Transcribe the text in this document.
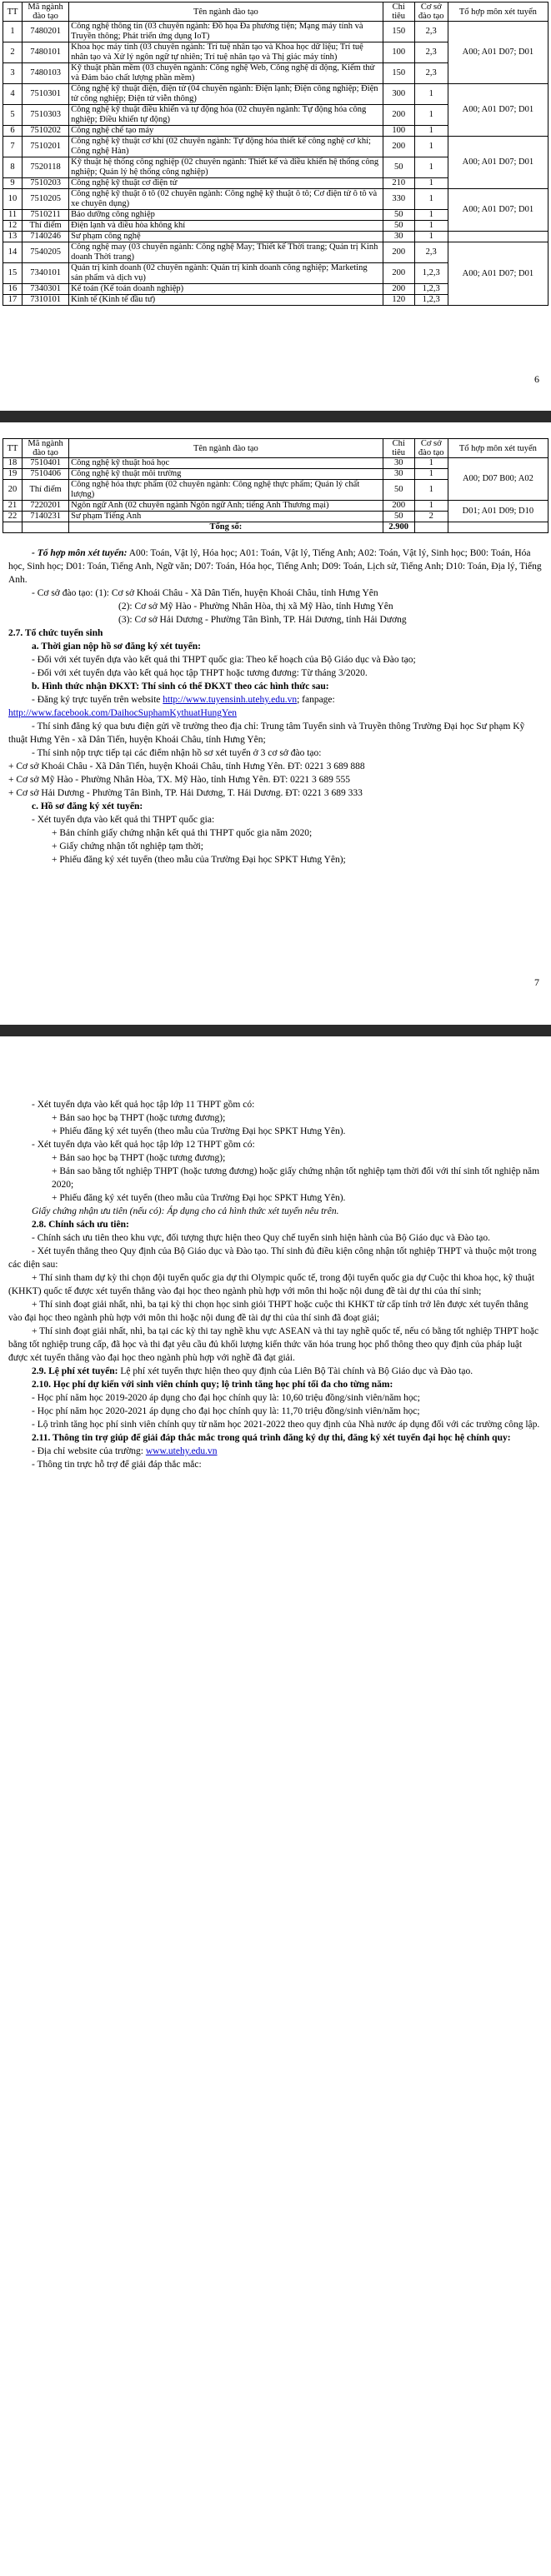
TT	Mã ngành đào tạo	Tên ngành đào tạo	Chỉ tiêu	Cơ sở đào tạo	Tổ hợp môn xét tuyển
1	7480201	Công nghệ thông tin (03 chuyên ngành: Đồ họa Đa phương tiện; Mạng máy tính và Truyền thông; Phát triển ứng dụng IoT)	150	2,3	A00; A01 D07; D01
2	7480101	Khoa học máy tính (03 chuyên ngành: Trí tuệ nhân tạo và Khoa học dữ liệu; Trí tuệ nhân tạo và Xử lý ngôn ngữ tự nhiên; Trí tuệ nhân tạo và Thị giác máy tính)	100	2,3	
3	7480103	Kỹ thuật phần mềm (03 chuyên ngành: Công nghệ Web, Công nghệ di động, Kiểm thử và Đảm bảo chất lượng phần mềm)	150	2,3	
4	7510301	Công nghệ kỹ thuật điện, điện tử (04 chuyên ngành: Điện lạnh; Điện công nghiệp; Điện tử công nghiệp; Điện tử viễn thông)	300	1	A00; A01 D07; D01
5	7510303	Công nghệ kỹ thuật điều khiển và tự động hóa (02 chuyên ngành: Tự động hóa công nghiệp; Điều khiển tự động)	200	1	
6	7510202	Công nghệ chế tạo máy	100	1	
7	7510201	Công nghệ kỹ thuật cơ khí (02 chuyên ngành: Tự động hóa thiết kế công nghệ cơ khí; Công nghệ Hàn)	200	1	A00; A01 D07; D01
8	7520118	Kỹ thuật hệ thống công nghiệp (02 chuyên ngành: Thiết kế và điều khiển hệ thống công nghiệp; Quản lý hệ thống công nghiệp)	50	1	
9	7510203	Công nghệ kỹ thuật cơ điện tử	210	1	
10	7510205	Công nghệ kỹ thuật ô tô (02 chuyên ngành: Công nghệ kỹ thuật ô tô; Cơ điện tử ô tô và xe chuyên dụng)	330	1	A00; A01 D07; D01
11	7510211	Bảo dưỡng công nghiệp	50	1	
12	Thí điểm	Điện lạnh và điều hòa không khí	50	1	
13	7140246	Sư phạm công nghệ	30	1	
14	7540205	Công nghệ may (03 chuyên ngành: Công nghệ May; Thiết kế Thời trang; Quản trị Kinh doanh Thời trang)	200	2,3	A00; A01 D07; D01
15	7340101	Quản trị kinh doanh (02 chuyên ngành: Quản trị kinh doanh công nghiệp; Marketing sản phẩm và dịch vụ)	200	1,2,3	
16	7340301	Kế toán (Kế toán doanh nghiệp)	200	1,2,3	
17	7310101	Kinh tế (Kinh tế đầu tư)	120	1,2,3	
6
TT	Mã ngành đào tạo	Tên ngành đào tạo	Chỉ tiêu	Cơ sở đào tạo	Tổ hợp môn xét tuyển
18	7510401	Công nghệ kỹ thuật hoá học	30	1	A00; D07 B00; A02
19	7510406	Công nghệ kỹ thuật môi trường	30	1	
20	Thí điểm	Công nghệ hóa thực phẩm (02 chuyên ngành: Công nghệ thực phẩm; Quản lý chất lượng)	50	1	
21	7220201	Ngôn ngữ Anh (02 chuyên ngành Ngôn ngữ Anh; tiếng Anh Thương mại)	200	1	D01; A01 D09; D10
22	7140231	Sư phạm Tiếng Anh	50	2	
		Tổng số:	2.900		

- Tổ hợp môn xét tuyển: A00: Toán, Vật lý, Hóa học; A01: Toán, Vật lý, Tiếng Anh; A02: Toán, Vật lý, Sinh học; B00: Toán, Hóa học, Sinh học; D01: Toán, Tiếng Anh, Ngữ văn; D07: Toán, Hóa học, Tiếng Anh; D09: Toán, Lịch sử, Tiếng Anh; D10: Toán, Địa lý, Tiếng Anh.

- Cơ sở đào tạo: (1): Cơ sở Khoái Châu - Xã Dân Tiến, huyện Khoái Châu, tỉnh Hưng Yên

(2): Cơ sở Mỹ Hào - Phường Nhân Hòa, thị xã Mỹ Hào, tỉnh Hưng Yên

(3): Cơ sở Hải Dương - Phường Tân Bình, TP. Hải Dương, tỉnh Hải Dương

2.7. Tổ chức tuyển sinh

a. Thời gian nộp hồ sơ đăng ký xét tuyển:

- Đối với xét tuyển dựa vào kết quả thi THPT quốc gia: Theo kế hoạch của Bộ Giáo dục và Đào tạo;

- Đối với xét tuyển dựa vào kết quả học tập THPT hoặc tương đương: Từ tháng 3/2020.

b. Hình thức nhận ĐKXT: Thí sinh có thể ĐKXT theo các hình thức sau:

- Đăng ký trực tuyến trên website http://www.tuyensinh.utehy.edu.vn; fanpage: http://www.facebook.com/DaihocSuphamKythuatHungYen

- Thí sinh đăng ký qua bưu điện gửi về trường theo địa chỉ: Trung tâm Tuyển sinh và Truyền thông Trường Đại học Sư phạm Kỹ thuật Hưng Yên - xã Dân Tiến, huyện Khoái Châu, tỉnh Hưng Yên;

- Thí sinh nộp trực tiếp tại các điểm nhận hồ sơ xét tuyển ở 3 cơ sở đào tạo:

+ Cơ sở Khoái Châu - Xã Dân Tiến, huyện Khoái Châu, tỉnh Hưng Yên. ĐT: 0221 3 689 888

+ Cơ sở Mỹ Hào - Phường Nhân Hòa, TX. Mỹ Hào, tỉnh Hưng Yên. ĐT: 0221 3 689 555

+ Cơ sở Hải Dương - Phường Tân Bình, TP. Hải Dương, T. Hải Dương. ĐT: 0221 3 689 333

c. Hồ sơ đăng ký xét tuyển:

- Xét tuyển dựa vào kết quả thi THPT quốc gia:

+ Bản chính giấy chứng nhận kết quả thi THPT quốc gia năm 2020;

+ Giấy chứng nhận tốt nghiệp tạm thời;

+ Phiếu đăng ký xét tuyển (theo mẫu của Trường Đại học SPKT Hưng Yên);

7

- Xét tuyển dựa vào kết quả học tập lớp 11 THPT gồm có:

+ Bản sao học bạ THPT (hoặc tương đương);

+ Phiếu đăng ký xét tuyển (theo mẫu của Trường Đại học SPKT Hưng Yên).

- Xét tuyển dựa vào kết quả học tập lớp 12 THPT gồm có:

+ Bản sao học bạ THPT (hoặc tương đương);

+ Bản sao bằng tốt nghiệp THPT (hoặc tương đương) hoặc giấy chứng nhận tốt nghiệp tạm thời đối với thí sinh tốt nghiệp năm 2020;

+ Phiếu đăng ký xét tuyển (theo mẫu của Trường Đại học SPKT Hưng Yên).

Giấy chứng nhận ưu tiên (nếu có): Áp dụng cho cả hình thức xét tuyển nêu trên.

2.8. Chính sách ưu tiên:

- Chính sách ưu tiên theo khu vực, đối tượng thực hiện theo Quy chế tuyển sinh hiện hành của Bộ Giáo dục và Đào tạo.

- Xét tuyển thẳng theo Quy định của Bộ Giáo dục và Đào tạo. Thí sinh đủ điều kiện công nhận tốt nghiệp THPT và thuộc một trong các diện sau:

+ Thí sinh tham dự kỳ thi chọn đội tuyển quốc gia dự thi Olympic quốc tế, trong đội tuyển quốc gia dự Cuộc thi khoa học, kỹ thuật (KHKT) quốc tế được xét tuyển thẳng vào đại học theo ngành phù hợp với môn thi hoặc nội dung đề tài dự thi của thí sinh;

+ Thí sinh đoạt giải nhất, nhì, ba tại kỳ thi chọn học sinh giỏi THPT hoặc cuộc thi KHKT từ cấp tỉnh trở lên được xét tuyển thẳng vào đại học theo ngành phù hợp với môn thi hoặc nội dung đề tài dự thi của thí sinh đã đoạt giải;

+ Thí sinh đoạt giải nhất, nhì, ba tại các kỳ thi tay nghề khu vực ASEAN và thi tay nghề quốc tế, nếu có bằng tốt nghiệp THPT hoặc bằng tốt nghiệp trung cấp, đã học và thi đạt yêu cầu đủ khối lượng kiến thức văn hóa trung học phổ thông theo quy định của pháp luật được xét tuyển thẳng vào đại học theo ngành phù hợp với nghề đã đạt giải.

2.9. Lệ phí xét tuyển: Lệ phí xét tuyển thực hiện theo quy định của Liên Bộ Tài chính và Bộ Giáo dục và Đào tạo.

2.10. Học phí dự kiến với sinh viên chính quy; lộ trình tăng học phí tối đa cho từng năm:

- Học phí năm học 2019-2020 áp dụng cho đại học chính quy là: 10,60 triệu đồng/sinh viên/năm học;

- Học phí năm học 2020-2021 áp dụng cho đại học chính quy là: 11,70 triệu đồng/sinh viên/năm học;

- Lộ trình tăng học phí sinh viên chính quy từ năm học 2021-2022 theo quy định của Nhà nước áp dụng đối với các trường công lập.

2.11. Thông tin trợ giúp để giải đáp thắc mắc trong quá trình đăng ký dự thi, đăng ký xét tuyển đại học hệ chính quy:

- Địa chỉ website của trường: www.utehy.edu.vn

- Thông tin trực hỗ trợ để giải đáp thắc mắc:
